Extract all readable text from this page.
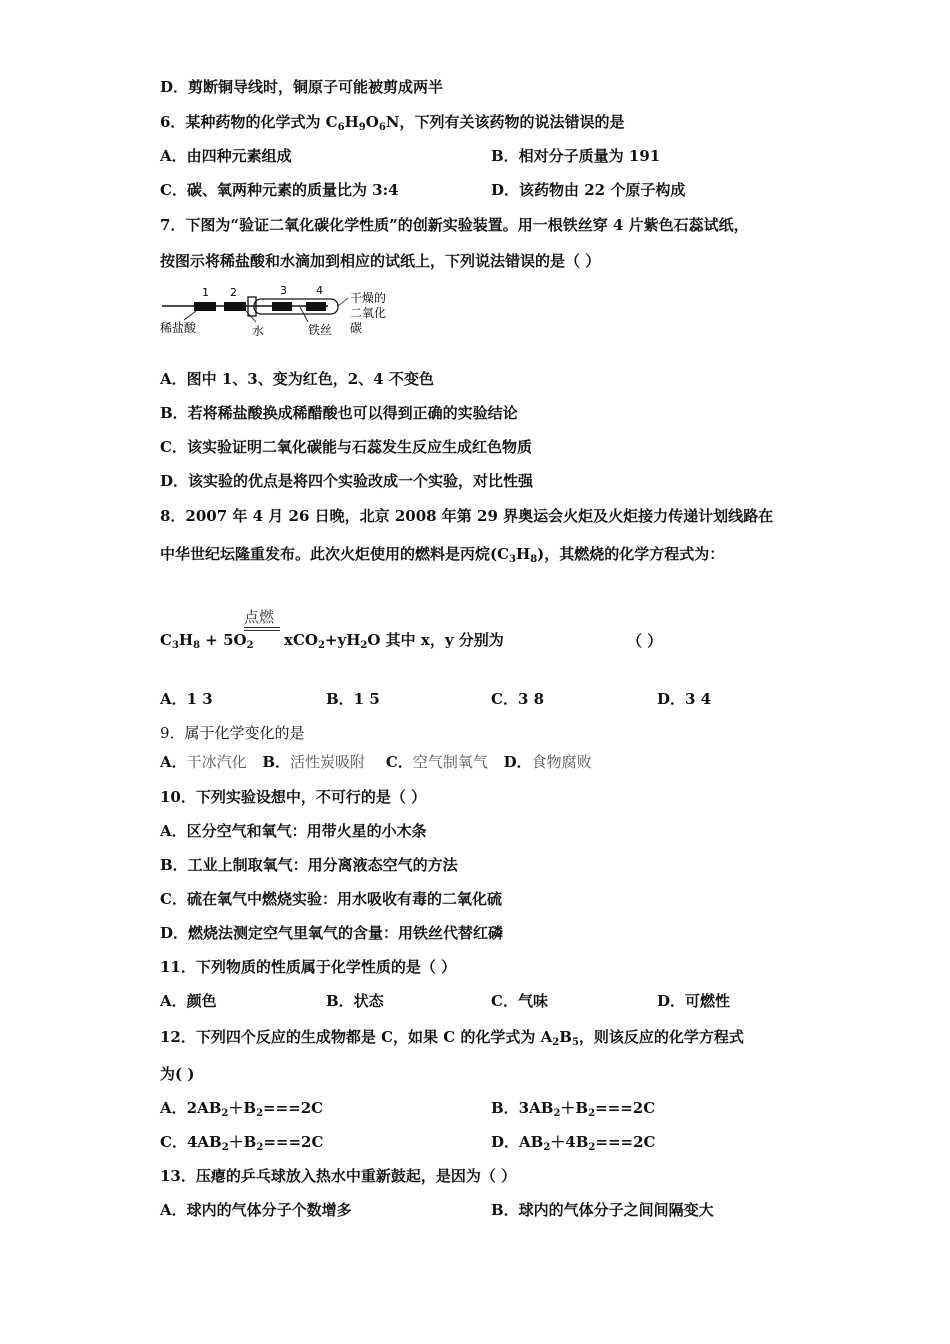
D．剪断铜导线时，铜原子可能被剪成两半
6．某种药物的化学式为 $C_6H_9O_6N$，下列有关该药物的说法错误的是
A．由四种元素组成	B．相对分子质量为 191
C．碳、氧两种元素的质量比为 3:4	D．该药物由 22 个原子构成
7．下图为“验证二氧化碳化学性质”的创新实验装置。用一根铁丝穿 4 片紫色石蕊试纸，
按图示将稀盐酸和水滴加到相应的试纸上，下列说法错误的是（ ）
1 2	3	4
稀盐酸	水	铁丝
干燥的
二氧化
碳
A．图中 1、3、变为红色，2、4 不变色
B．若将稀盐酸换成稀醋酸也可以得到正确的实验结论
C．该实验证明二氧化碳能与石蕊发生反应生成红色物质
D．该实验的优点是将四个实验改成一个实验，对比性强
8．2007 年 4 月 26 日晚，北京 2008 年第 29 界奥运会火炬及火炬接力传递计划线路在
中华世纪坛隆重发布。此次火炬使用的燃料是丙烷$(C_3H_8)$，其燃烧的化学方程式为：
点燃
$C_3H_8 + 5O_2$ $xCO_2+yH_2O$ 其中 x，y 分别为	（ ）
A．1 3	B．1 5	C．3 8	D．3 4
9．属于化学变化的是
A．干冰汽化 B．活性炭吸附 C．空气制氧气 D．食物腐败
10．下列实验设想中，不可行的是（ ）
A．区分空气和氧气：用带火星的小木条
B．工业上制取氧气：用分离液态空气的方法
C．硫在氧气中燃烧实验：用水吸收有毒的二氧化硫
D．燃烧法测定空气里氧气的含量：用铁丝代替红磷
11．下列物质的性质属于化学性质的是（ ）
A．颜色	B．状态	C．气味	D．可燃性
12．下列四个反应的生成物都是 C，如果 C 的化学式为 $A_2B_5$，则该反应的化学方程式
为( )
A．$2AB_2+B_2===2C$	B．$3AB_2+B_2===2C$
C．$4AB_2+B_2===2C$	D．$AB_2+4B_2===2C$
13．压瘪的乒乓球放入热水中重新鼓起，是因为（ ）
A．球内的气体分子个数增多	B．球内的气体分子之间间隔变大
